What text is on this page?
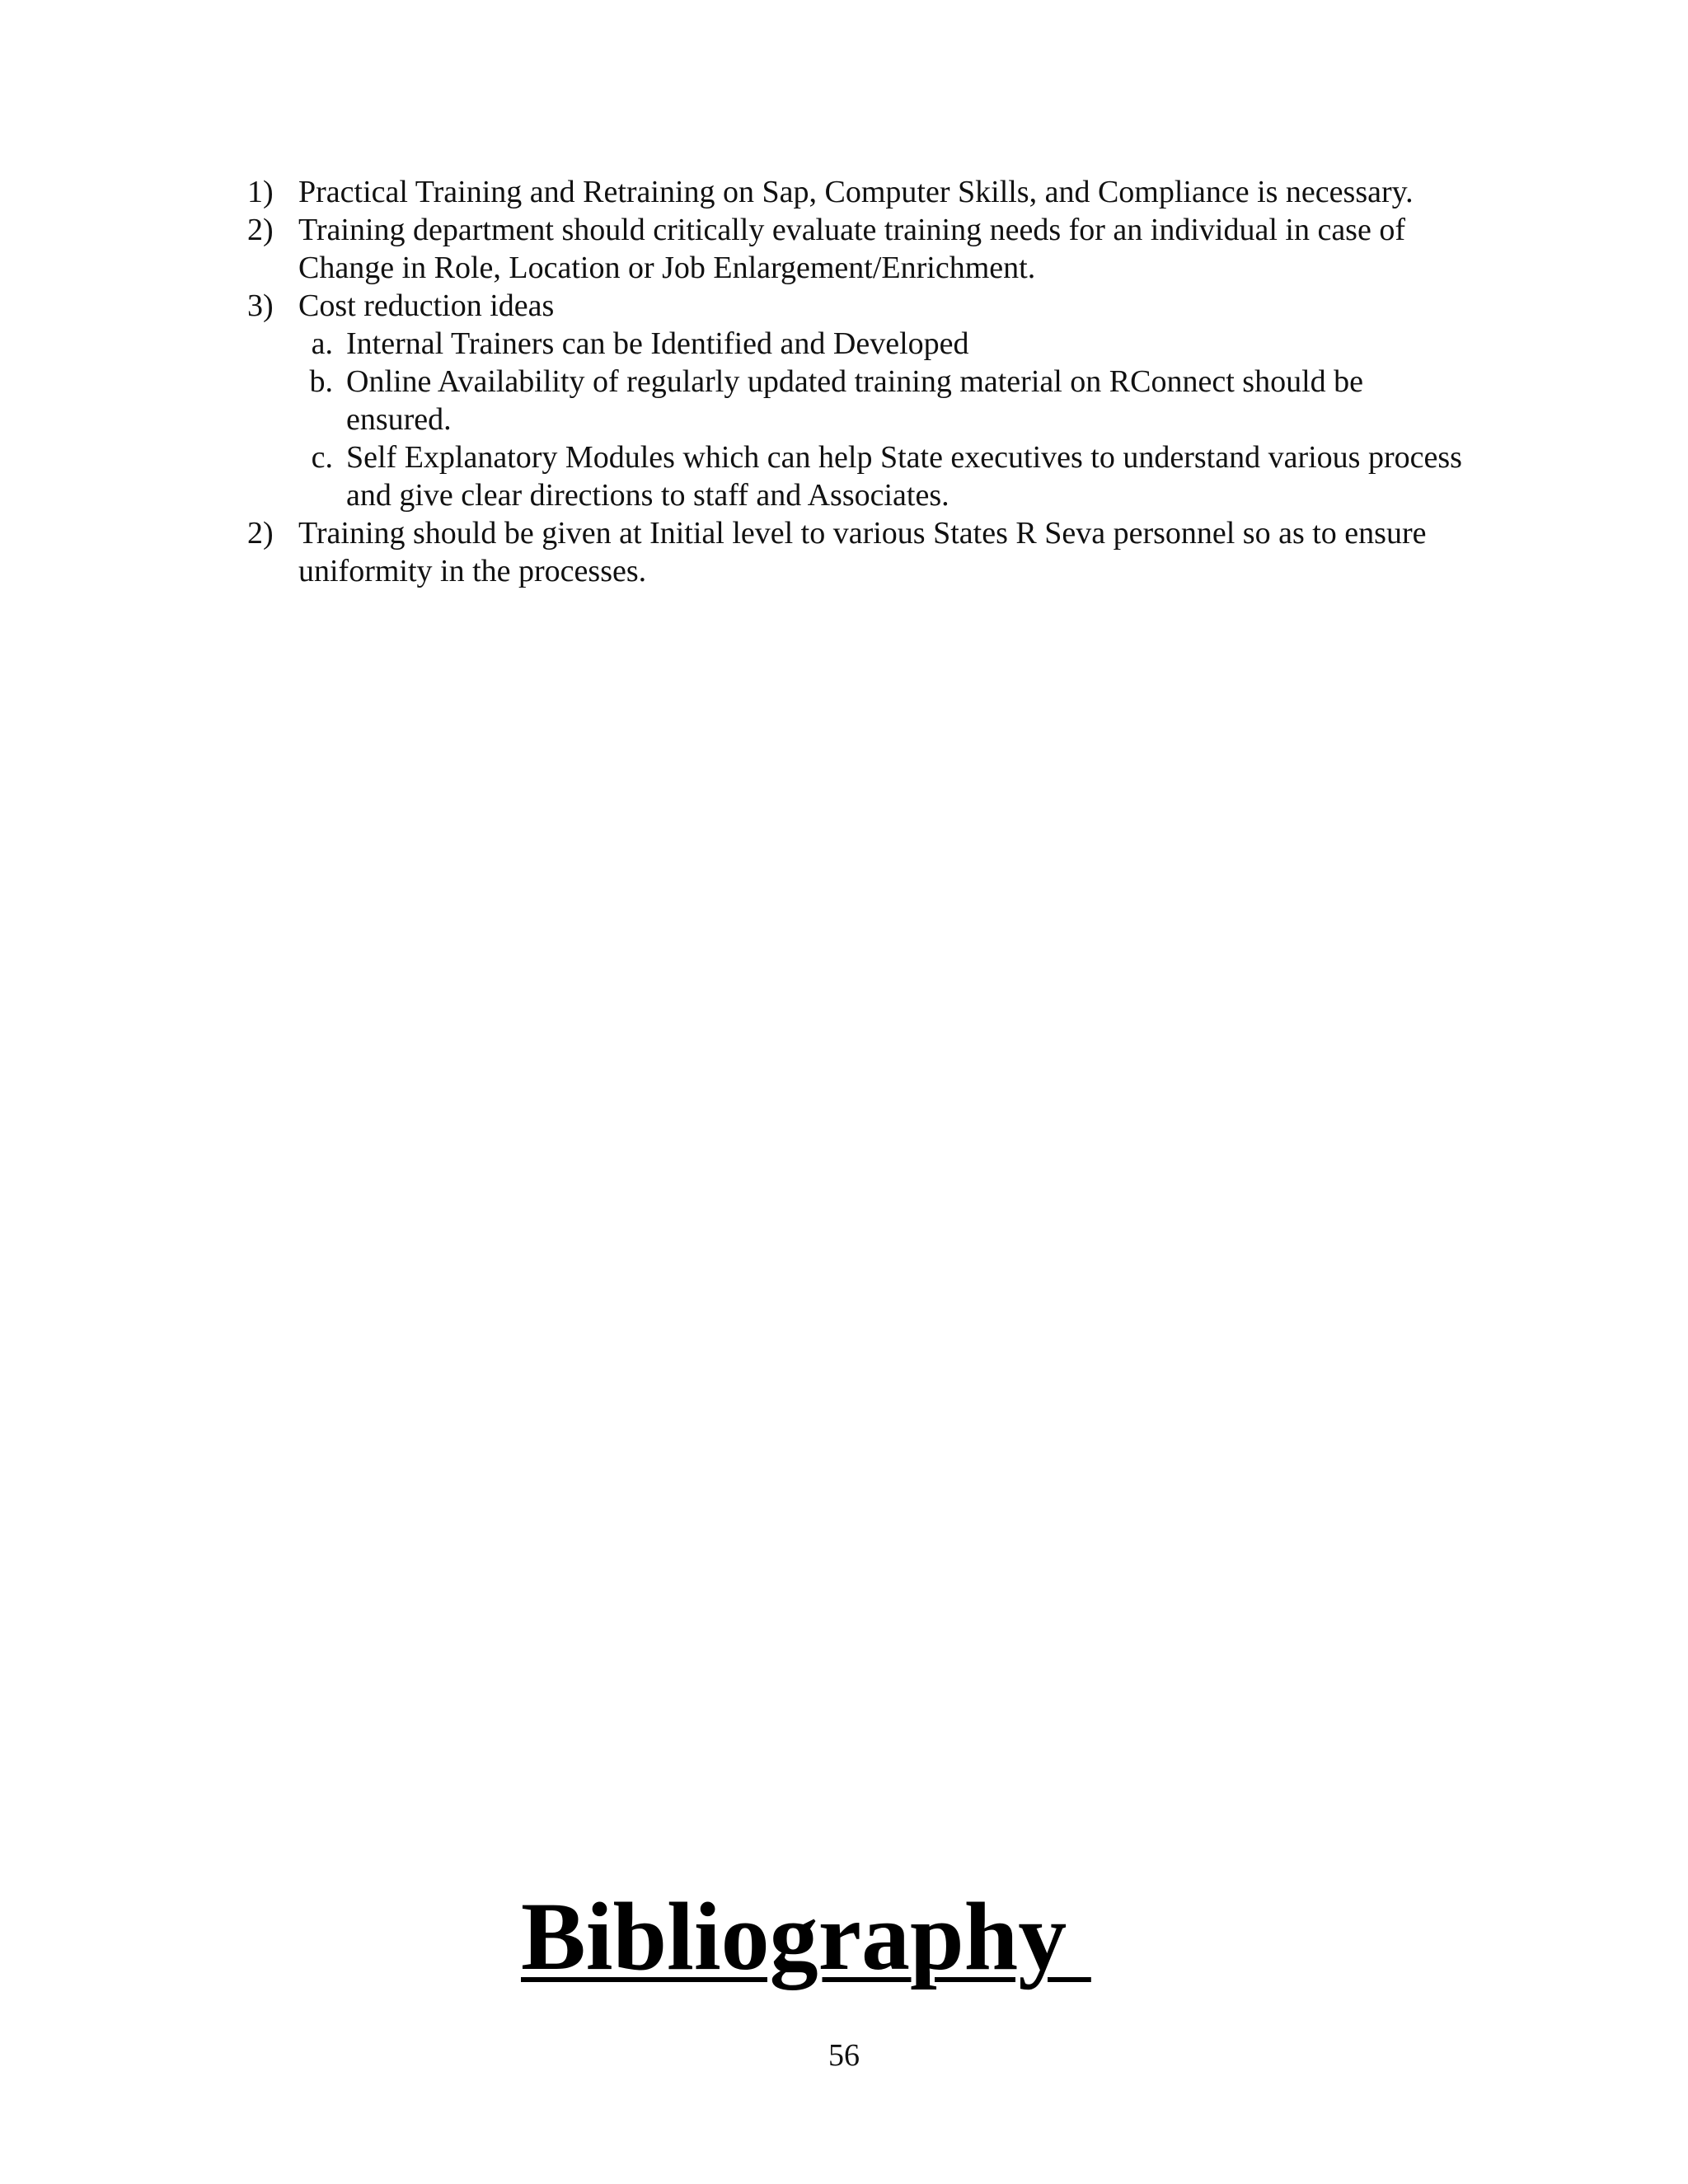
1) Practical Training and Retraining on Sap, Computer Skills, and Compliance is necessary.
2) Training department should critically evaluate training needs for an individual in case of Change in Role, Location or Job Enlargement/Enrichment.
3) Cost reduction ideas
a. Internal Trainers can be Identified and Developed
b. Online Availability of regularly updated training material on RConnect should be ensured.
c. Self Explanatory Modules which can help State executives to understand various process and give clear directions to staff and Associates.
2) Training should be given at Initial level to various States R Seva personnel so as to ensure uniformity in the processes.
Bibliography
56
